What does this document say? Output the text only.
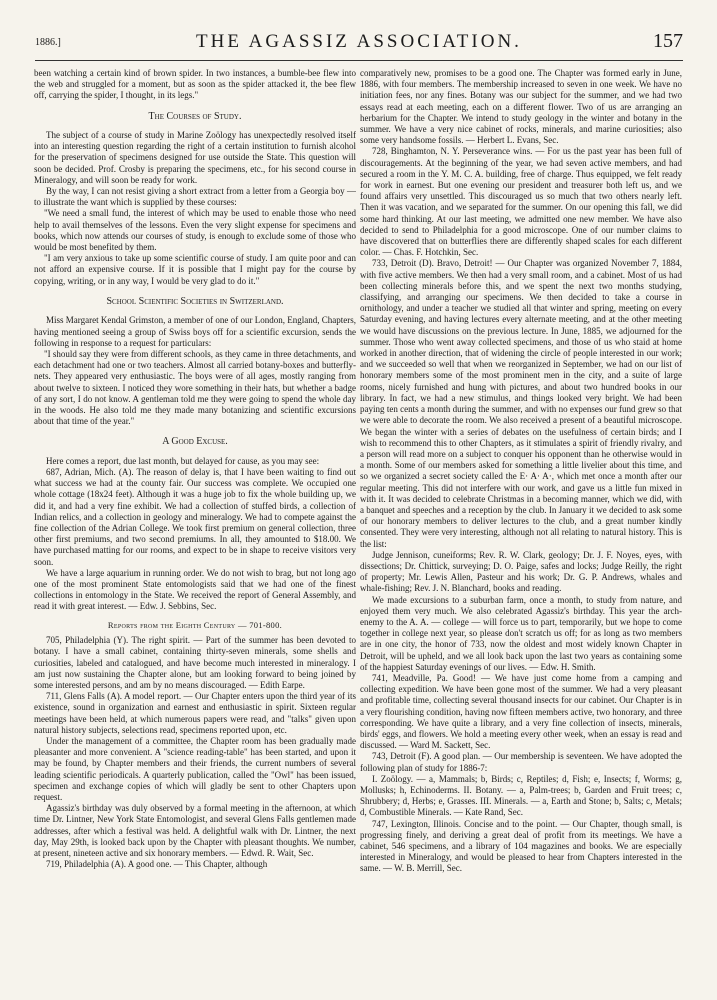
1886.]	THE AGASSIZ ASSOCIATION.	157

been watching a certain kind of brown spider. In two instances, a bumble-bee flew into the web and struggled for a moment, but as soon as the spider attacked it, the bee flew off, carrying the spider, I thought, in its legs."

The Courses of Study.

The subject of a course of study in Marine Zoölogy has unexpectedly resolved itself into an interesting question regarding the right of a certain institution to furnish alcohol for the preservation of specimens designed for use outside the State. This question will soon be decided. Prof. Crosby is preparing the specimens, etc., for his second course in Mineralogy, and will soon be ready for work.

By the way, I can not resist giving a short extract from a letter from a Georgia boy — to illustrate the want which is supplied by these courses:

"We need a small fund, the interest of which may be used to enable those who need help to avail themselves of the lessons. Even the very slight expense for specimens and books, which now attends our courses of study, is enough to exclude some of those who would be most benefited by them.

"I am very anxious to take up some scientific course of study. I am quite poor and can not afford an expensive course. If it is possible that I might pay for the course by copying, writing, or in any way, I would be very glad to do it."

School Scientific Societies in Switzerland.

Miss Margaret Kendal Grimston, a member of one of our London, England, Chapters, having mentioned seeing a group of Swiss boys off for a scientific excursion, sends the following in response to a request for particulars:

"I should say they were from different schools, as they came in three detachments, and each detachment had one or two teachers. Almost all carried botany-boxes and butterfly-nets. They appeared very enthusiastic. The boys were of all ages, mostly ranging from about twelve to sixteen. I noticed they wore something in their hats, but whether a badge of any sort, I do not know. A gentleman told me they were going to spend the whole day in the woods. He also told me they made many botanizing and scientific excursions about that time of the year."

A Good Excuse.

Here comes a report, due last month, but delayed for cause, as you may see:

687, Adrian, Mich. (A). The reason of delay is, that I have been waiting to find out what success we had at the county fair. Our success was complete. We occupied one whole cottage (18x24 feet). Although it was a huge job to fix the whole building up, we did it, and had a very fine exhibit. We had a collection of stuffed birds, a collection of Indian relics, and a collection in geology and mineralogy. We had to compete against the fine collection of the Adrian College. We took first premium on general collection, three other first premiums, and two second premiums. In all, they amounted to $18.00. We have purchased matting for our rooms, and expect to be in shape to receive visitors very soon.

We have a large aquarium in running order. We do not wish to brag, but not long ago one of the most prominent State entomologists said that we had one of the finest collections in entomology in the State. We received the report of General Assembly, and read it with great interest. — Edw. J. Sebbins, Sec.

Reports from the Eighth Century — 701-800.

705, Philadelphia (Y). The right spirit. — Part of the summer has been devoted to botany. I have a small cabinet, containing thirty-seven minerals, some shells and curiosities, labeled and catalogued, and have become much interested in mineralogy. I am just now sustaining the Chapter alone, but am looking forward to being joined by some interested persons, and am by no means discouraged. — Edith Earpe.

711, Glens Falls (A). A model report. — Our Chapter enters upon the third year of its existence, sound in organization and earnest and enthusiastic in spirit. Sixteen regular meetings have been held, at which numerous papers were read, and "talks" given upon natural history subjects, selections read, specimens reported upon, etc.

Under the management of a committee, the Chapter room has been gradually made pleasanter and more convenient. A "science reading-table" has been started, and upon it may be found, by Chapter members and their friends, the current numbers of several leading scientific periodicals. A quarterly publication, called the "Owl" has been issued, specimen and exchange copies of which will gladly be sent to other Chapters upon request.

Agassiz's birthday was duly observed by a formal meeting in the afternoon, at which time Dr. Lintner, New York State Entomologist, and several Glens Falls gentlemen made addresses, after which a festival was held. A delightful walk with Dr. Lintner, the next day, May 29th, is looked back upon by the Chapter with pleasant thoughts. We number, at present, nineteen active and six honorary members. — Edwd. R. Wait, Sec.

719, Philadelphia (A). A good one. — This Chapter, although

comparatively new, promises to be a good one. The Chapter was formed early in June, 1886, with four members. The membership increased to seven in one week. We have no initiation fees, nor any fines. Botany was our subject for the summer, and we had two essays read at each meeting, each on a different flower. Two of us are arranging an herbarium for the Chapter. We intend to study geology in the winter and botany in the summer. We have a very nice cabinet of rocks, minerals, and marine curiosities; also some very handsome fossils. — Herbert L. Evans, Sec.

728, Binghamton, N. Y. Perseverance wins. — For us the past year has been full of discouragements. At the beginning of the year, we had seven active members, and had secured a room in the Y. M. C. A. building, free of charge. Thus equipped, we felt ready for work in earnest. But one evening our president and treasurer both left us, and we found affairs very unsettled. This discouraged us so much that two others nearly left. Then it was vacation, and we separated for the summer. On our opening this fall, we did some hard thinking. At our last meeting, we admitted one new member. We have also decided to send to Philadelphia for a good microscope. One of our number claims to have discovered that on butterflies there are differently shaped scales for each different color. — Chas. F. Hotchkin, Sec.

733, Detroit (D). Bravo, Detroit! — Our Chapter was organized November 7, 1884, with five active members. We then had a very small room, and a cabinet. Most of us had been collecting minerals before this, and we spent the next two months studying, classifying, and arranging our specimens. We then decided to take a course in ornithology, and under a teacher we studied all that winter and spring, meeting on every Saturday evening, and having lectures every alternate meeting, and at the other meeting we would have discussions on the previous lecture. In June, 1885, we adjourned for the summer. Those who went away collected specimens, and those of us who staid at home worked in another direction, that of widening the circle of people interested in our work; and we succeeded so well that when we reorganized in September, we had on our list of honorary members some of the most prominent men in the city, and a suite of large rooms, nicely furnished and hung with pictures, and about two hundred books in our library. In fact, we had a new stimulus, and things looked very bright. We had been paying ten cents a month during the summer, and with no expenses our fund grew so that we were able to decorate the room. We also received a present of a beautiful microscope. We began the winter with a series of debates on the usefulness of certain birds; and I wish to recommend this to other Chapters, as it stimulates a spirit of friendly rivalry, and a person will read more on a subject to conquer his opponent than he otherwise would in a month. Some of our members asked for something a little livelier about this time, and so we organized a secret society called the E· A· A·, which met once a month after our regular meeting. This did not interfere with our work, and gave us a little fun mixed in with it. It was decided to celebrate Christmas in a becoming manner, which we did, with a banquet and speeches and a reception by the club. In January it we decided to ask some of our honorary members to deliver lectures to the club, and a great number kindly consented. They were very interesting, although not all relating to natural history. This is the list:

Judge Jennison, cuneiforms; Rev. R. W. Clark, geology; Dr. J. F. Noyes, eyes, with dissections; Dr. Chittick, surveying; D. O. Paige, safes and locks; Judge Reilly, the right of property; Mr. Lewis Allen, Pasteur and his work; Dr. G. P. Andrews, whales and whale-fishing; Rev. J. N. Blanchard, books and reading.

We made excursions to a suburban farm, once a month, to study from nature, and enjoyed them very much. We also celebrated Agassiz's birthday. This year the arch-enemy to the A. A. — college — will force us to part, temporarily, but we hope to come together in college next year, so please don't scratch us off; for as long as two members are in one city, the honor of 733, now the oldest and most widely known Chapter in Detroit, will be upheld, and we all look back upon the last two years as containing some of the happiest Saturday evenings of our lives. — Edw. H. Smith.

741, Meadville, Pa. Good! — We have just come home from a camping and collecting expedition. We have been gone most of the summer. We had a very pleasant and profitable time, collecting several thousand insects for our cabinet. Our Chapter is in a very flourishing condition, having now fifteen members active, two honorary, and three corresponding. We have quite a library, and a very fine collection of insects, minerals, birds' eggs, and flowers. We hold a meeting every other week, when an essay is read and discussed. — Ward M. Sackett, Sec.

743, Detroit (F). A good plan. — Our membership is seventeen. We have adopted the following plan of study for 1886-7:

I. Zoölogy. — a, Mammals; b, Birds; c, Reptiles; d, Fish; e, Insects; f, Worms; g, Mollusks; h, Echinoderms. II. Botany. — a, Palm-trees; b, Garden and Fruit trees; c, Shrubbery; d, Herbs; e, Grasses. III. Minerals. — a, Earth and Stone; b, Salts; c, Metals; d, Combustible Minerals. — Kate Rand, Sec.

747, Lexington, Illinois. Concise and to the point. — Our Chapter, though small, is progressing finely, and deriving a great deal of profit from its meetings. We have a cabinet, 546 specimens, and a library of 104 magazines and books. We are especially interested in Mineralogy, and would be pleased to hear from Chapters interested in the same. — W. B. Merrill, Sec.
